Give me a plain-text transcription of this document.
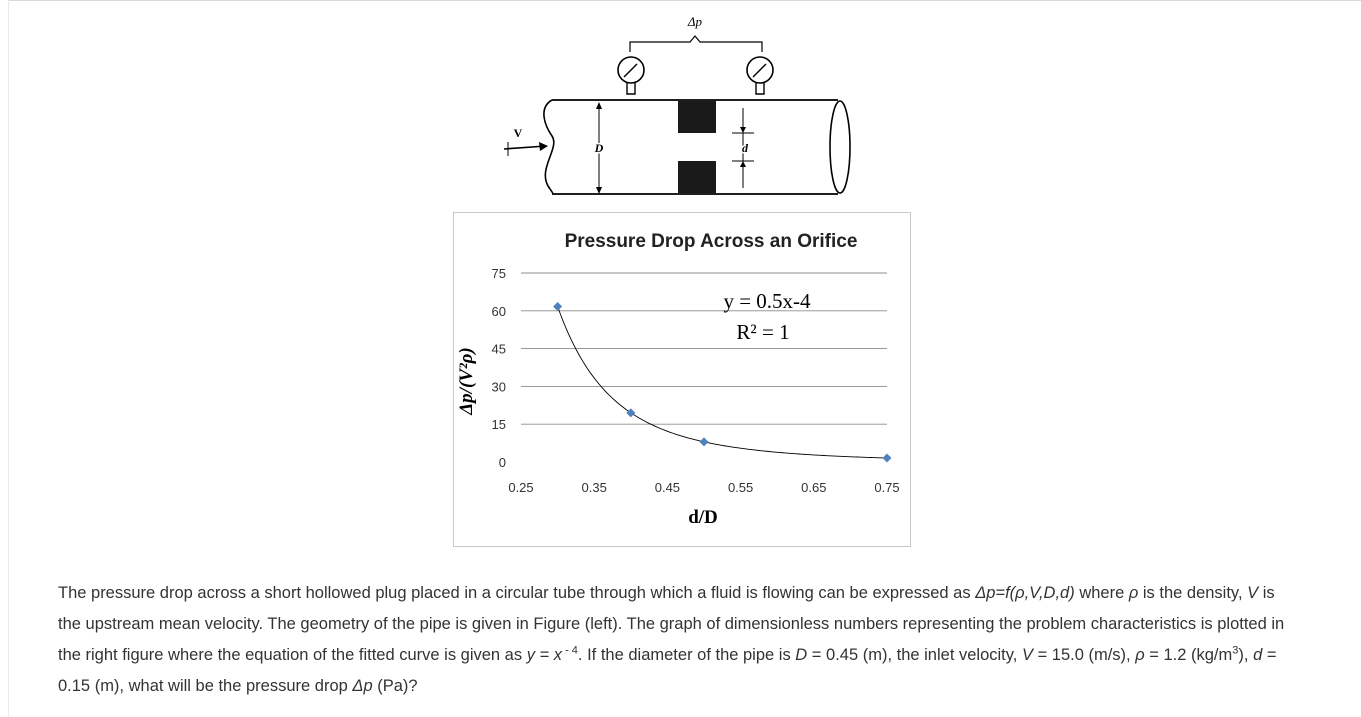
Δp
D	d
V
Pressure Drop Across an Orifice
0
15
30
45
60
75
0.25	0.35	0.45	0.55	0.65	0.75
y = 0.5x-4
R² = 1
d/D
Δp/(V²ρ)
The pressure drop across a short hollowed plug placed in a circular tube through which a fluid is flowing can be expressed as Δp=f(ρ,V,D,d) where ρ is the density, V is the upstream mean velocity. The geometry of the pipe is given in Figure (left). The graph of dimensionless numbers representing the problem characteristics is plotted in the right figure where the equation of the fitted curve is given as y = x $^{- 4}$. If the diameter of the pipe is D = 0.45 (m), the inlet velocity, V = 15.0 (m/s), ρ = 1.2 $(kg/m^3)$, d = 0.15 (m), what will be the pressure drop Δp (Pa)?
